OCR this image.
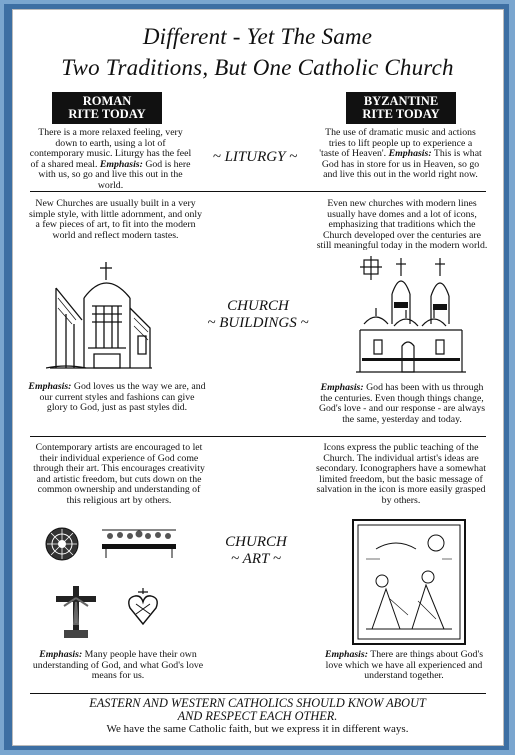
Different - Yet The Same
Two Traditions, But One Catholic Church
ROMAN
RITE TODAY
BYZANTINE
RITE TODAY
There is a more relaxed feeling, very down to earth, using a lot of contemporary music. Liturgy has the feel of a shared meal. Emphasis: God is here with us, so go and live this out in the world.
~ LITURGY ~
The use of dramatic music and actions tries to lift people up to experience a 'taste of Heaven'. Emphasis: This is what God has in store for us in Heaven, so go and live this out in the world right now.
New Churches are usually built in a very simple style, with little adornment, and only a few pieces of art, to fit into the modern world and reflect modern tastes.
Even new churches with modern lines usually have domes and a lot of icons, emphasizing that traditions which the Church developed over the centuries are still meaningful today in the modern world.
CHURCH
~ BUILDINGS ~
Emphasis: God loves us the way we are, and our current styles and fashions can give glory to God, just as past styles did.
Emphasis: God has been with us through the centuries. Even though things change, God's love - and our response - are always the same, yesterday and today.
Contemporary artists are encouraged to let their individual experience of God come through their art. This encourages creativity and artistic freedom, but cuts down on the common ownership and understanding of this religious art by others.
Icons express the public teaching of the Church. The individual artist's ideas are secondary. Iconographers have a somewhat limited freedom, but the basic message of salvation in the icon is more easily grasped by others.
CHURCH
~ ART ~
Emphasis: Many people have their own understanding of God, and what God's love means for us.
Emphasis: There are things about God's love which we have all experienced and understand together.
EASTERN AND WESTERN CATHOLICS SHOULD KNOW ABOUT
AND RESPECT EACH OTHER.
We have the same Catholic faith, but we express it in different ways.
